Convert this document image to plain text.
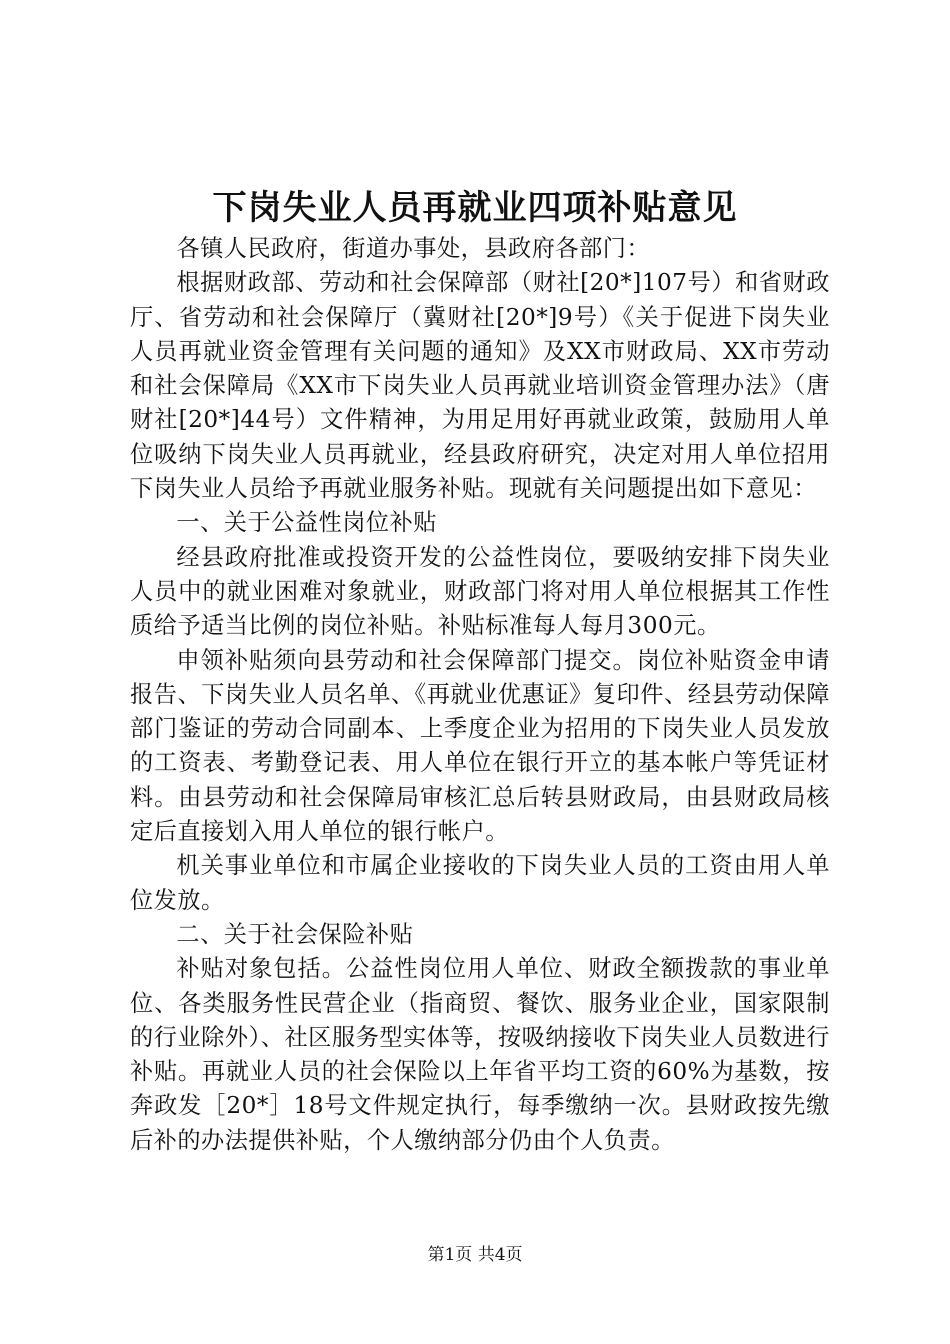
下岗失业人员再就业四项补贴意见

各镇人民政府，街道办事处，县政府各部门：

根据财政部、劳动和社会保障部（财社[20*]107号）和省财政厅、省劳动和社会保障厅（冀财社[20*]9号）《关于促进下岗失业人员再就业资金管理有关问题的通知》及XX市财政局、XX市劳动和社会保障局《XX市下岗失业人员再就业培训资金管理办法》（唐财社[20*]44号）文件精神，为用足用好再就业政策，鼓励用人单位吸纳下岗失业人员再就业，经县政府研究，决定对用人单位招用下岗失业人员给予再就业服务补贴。现就有关问题提出如下意见：

一、关于公益性岗位补贴

经县政府批准或投资开发的公益性岗位，要吸纳安排下岗失业人员中的就业困难对象就业，财政部门将对用人单位根据其工作性质给予适当比例的岗位补贴。补贴标准每人每月300元。

申领补贴须向县劳动和社会保障部门提交。岗位补贴资金申请报告、下岗失业人员名单、《再就业优惠证》复印件、经县劳动保障部门鉴证的劳动合同副本、上季度企业为招用的下岗失业人员发放的工资表、考勤登记表、用人单位在银行开立的基本帐户等凭证材料。由县劳动和社会保障局审核汇总后转县财政局，由县财政局核定后直接划入用人单位的银行帐户。

机关事业单位和市属企业接收的下岗失业人员的工资由用人单位发放。

二、关于社会保险补贴

补贴对象包括。公益性岗位用人单位、财政全额拨款的事业单位、各类服务性民营企业（指商贸、餐饮、服务业企业，国家限制的行业除外）、社区服务型实体等，按吸纳接收下岗失业人员数进行补贴。再就业人员的社会保险以上年省平均工资的60%为基数，按奔政发［20*］18号文件规定执行，每季缴纳一次。县财政按先缴后补的办法提供补贴，个人缴纳部分仍由个人负责。

第1页 共4页
